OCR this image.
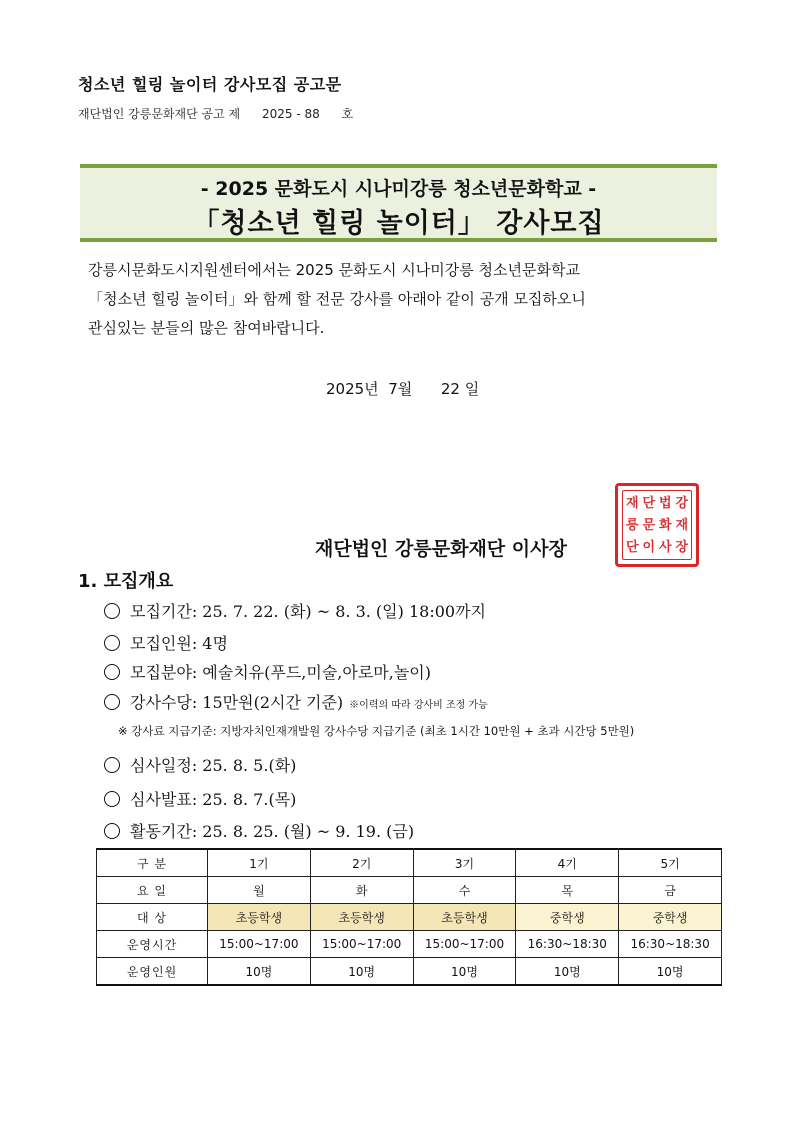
청소년 힐링 놀이터 강사모집 공고문
재단법인 강릉문화재단 공고 제 2025 - 88 호
- 2025 문화도시 시나미강릉 청소년문화학교 -
「청소년 힐링 놀이터」 강사모집
강릉시문화도시지원센터에서는 2025 문화도시 시나미강릉 청소년문화학교
「청소년 힐링 놀이터」와 함께 할 전문 강사를 아래아 같이 공개 모집하오니
관심있는 분들의 많은 참여바랍니다.
2025년  7월      22 일
재단법인 강릉문화재단 이사장
재 단 법 강
릉 문 화 재
단 이 사 장
1. 모집개요
모집기간: 25. 7. 22. (화) ~ 8. 3. (일) 18:00까지
모집인원: 4명
모집분야: 예술치유(푸드,미술,아로마,놀이)
강사수당: 15만원(2시간 기준) ※이력의 따라 강사비 조정 가능
※ 강사료 지급기준: 지방자치인재개발원 강사수당 지급기준 (최초 1시간 10만원 + 초과 시간당 5만원)
심사일정: 25. 8. 5.(화)
심사발표: 25. 8. 7.(목)
활동기간: 25. 8. 25. (월) ~ 9. 19. (금)
구 분	1기	2기	3기	4기	5기
요 일	월	화	수	목	금
대 상	초등학생	초등학생	초등학생	중학생	중학생
운영시간	15:00~17:00	15:00~17:00	15:00~17:00	16:30~18:30	16:30~18:30
운영인원	10명	10명	10명	10명	10명
